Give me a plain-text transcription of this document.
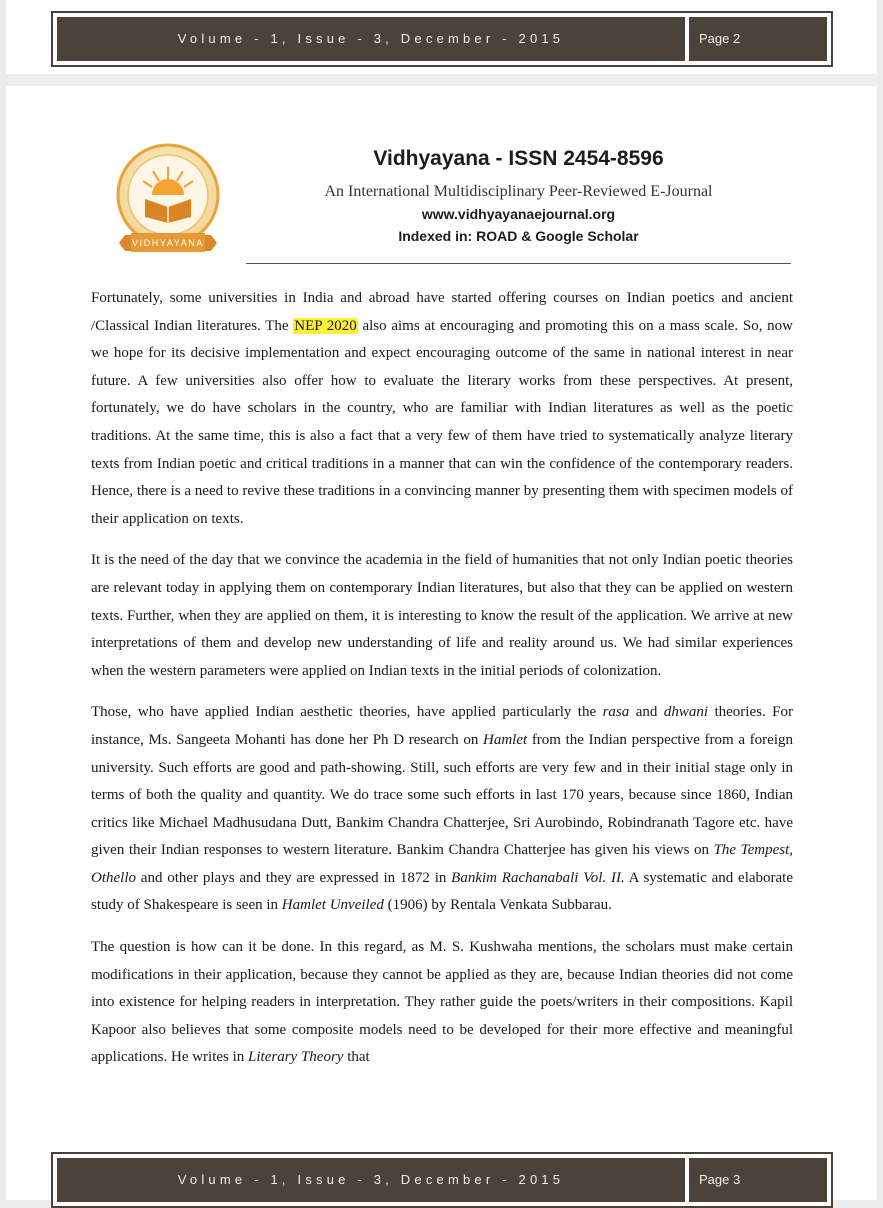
Volume - 1, Issue - 3, December - 2015	Page 2
VIDHYAYANA
Vidhyayana - ISSN 2454-8596
An International Multidisciplinary Peer-Reviewed E-Journal
www.vidhyayanaejournal.org
Indexed in: ROAD & Google Scholar

Fortunately, some universities in India and abroad have started offering courses on Indian poetics and ancient /Classical Indian literatures. The NEP 2020 also aims at encouraging and promoting this on a mass scale. So, now we hope for its decisive implementation and expect encouraging outcome of the same in national interest in near future. A few universities also offer how to evaluate the literary works from these perspectives. At present, fortunately, we do have scholars in the country, who are familiar with Indian literatures as well as the poetic traditions. At the same time, this is also a fact that a very few of them have tried to systematically analyze literary texts from Indian poetic and critical traditions in a manner that can win the confidence of the contemporary readers. Hence, there is a need to revive these traditions in a convincing manner by presenting them with specimen models of their application on texts.

It is the need of the day that we convince the academia in the field of humanities that not only Indian poetic theories are relevant today in applying them on contemporary Indian literatures, but also that they can be applied on western texts. Further, when they are applied on them, it is interesting to know the result of the application. We arrive at new interpretations of them and develop new understanding of life and reality around us. We had similar experiences when the western parameters were applied on Indian texts in the initial periods of colonization.

Those, who have applied Indian aesthetic theories, have applied particularly the rasa and dhwani theories. For instance, Ms. Sangeeta Mohanti has done her Ph D research on Hamlet from the Indian perspective from a foreign university. Such efforts are good and path-showing. Still, such efforts are very few and in their initial stage only in terms of both the quality and quantity. We do trace some such efforts in last 170 years, because since 1860, Indian critics like Michael Madhusudana Dutt, Bankim Chandra Chatterjee, Sri Aurobindo, Robindranath Tagore etc. have given their Indian responses to western literature. Bankim Chandra Chatterjee has given his views on The Tempest, Othello and other plays and they are expressed in 1872 in Bankim Rachanabali Vol. II. A systematic and elaborate study of Shakespeare is seen in Hamlet Unveiled (1906) by Rentala Venkata Subbarau.

The question is how can it be done. In this regard, as M. S. Kushwaha mentions, the scholars must make certain modifications in their application, because they cannot be applied as they are, because Indian theories did not come into existence for helping readers in interpretation. They rather guide the poets/writers in their compositions. Kapil Kapoor also believes that some composite models need to be developed for their more effective and meaningful applications. He writes in Literary Theory that

Volume - 1, Issue - 3, December - 2015	Page 3
